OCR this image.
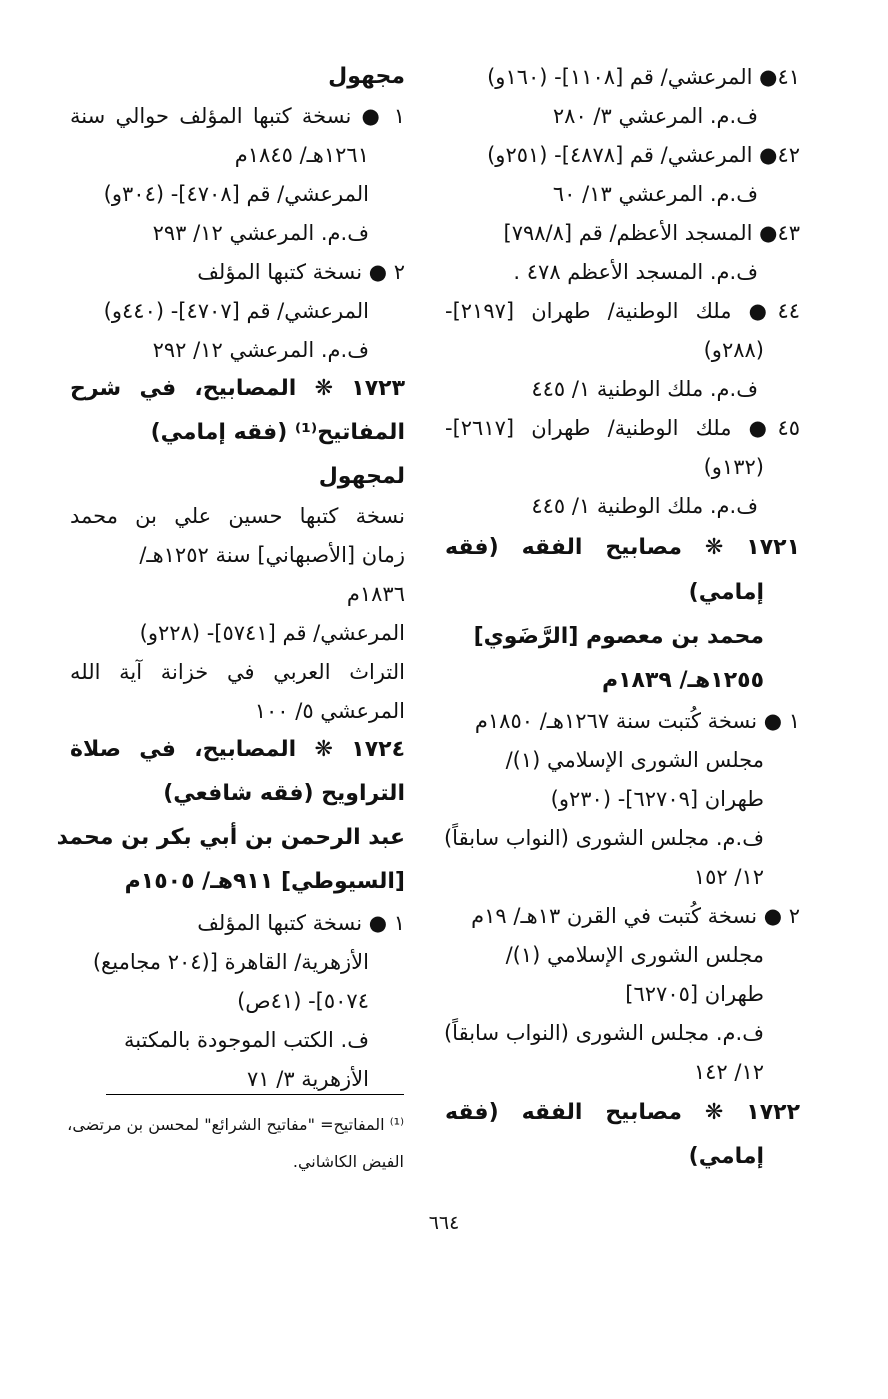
٤١● المرعشي/ قم [١١٠٨]- (١٦٠و)
ف.م. المرعشي ٣/ ٢٨٠
٤٢● المرعشي/ قم [٤٨٧٨]- (٢٥١و)
ف.م. المرعشي ١٣/ ٦٠
٤٣● المسجد الأعظم/ قم [٧٩٨/٨]
ف.م. المسجد الأعظم ٤٧٨ .
٤٤● ملك الوطنية/ طهران [٢١٩٧]-
(٢٨٨و)
ف.م. ملك الوطنية ١/ ٤٤٥
٤٥● ملك الوطنية/ طهران [٢٦١٧]-
(١٣٢و)
ف.م. ملك الوطنية ١/ ٤٤٥
١٧٢١ ❋ مصابيح الفقه (فقه
إمامي)
محمد بن معصوم [الرَّضَوي]
١٢٥٥هـ/ ١٨٣٩م
١ ● نسخة كُتبت سنة ١٢٦٧هـ/ ١٨٥٠م
مجلس الشورى الإسلامي (١)/
طهران [٦٢٧٠٩]- (٢٣٠و)
ف.م. مجلس الشورى (النواب سابقاً)
١٢/ ١٥٢
٢ ● نسخة كُتبت في القرن ١٣هـ/ ١٩م
مجلس الشورى الإسلامي (١)/
طهران [٦٢٧٠٥]
ف.م. مجلس الشورى (النواب سابقاً)
١٢/ ١٤٢
١٧٢٢ ❋ مصابيح الفقه (فقه
إمامي)
مجهول
١ ● نسخة كتبها المؤلف حوالي سنة
١٢٦١هـ/ ١٨٤٥م
المرعشي/ قم [٤٧٠٨]- (٣٠٤و)
ف.م. المرعشي ١٢/ ٢٩٣
٢ ● نسخة كتبها المؤلف
المرعشي/ قم [٤٧٠٧]- (٤٤٠و)
ف.م. المرعشي ١٢/ ٢٩٢
١٧٢٣ ❋ المصابيح، في شرح
المفاتيح⁽¹⁾ (فقه إمامي)
لمجهول
نسخة كتبها حسين علي بن محمد
زمان [الأصبهاني] سنة ١٢٥٢هـ/
١٨٣٦م
المرعشي/ قم [٥٧٤١]- (٢٢٨و)
التراث العربي في خزانة آية الله
المرعشي ٥/ ١٠٠
١٧٢٤ ❋ المصابيح، في صلاة
التراويح (فقه شافعي)
عبد الرحمن بن أبي بكر بن محمد
[السيوطي] ٩١١هـ/ ١٥٠٥م
١ ● نسخة كتبها المؤلف
الأزهرية/ القاهرة [(٢٠٤ مجاميع)
٥٠٧٤]- (٤١ص)
ف. الكتب الموجودة بالمكتبة
الأزهرية ٣/ ٧١
⁽¹⁾ المفاتيح= "مفاتيح الشرائع" لمحسن بن مرتضى،
الفيض الكاشاني.
٦٦٤
